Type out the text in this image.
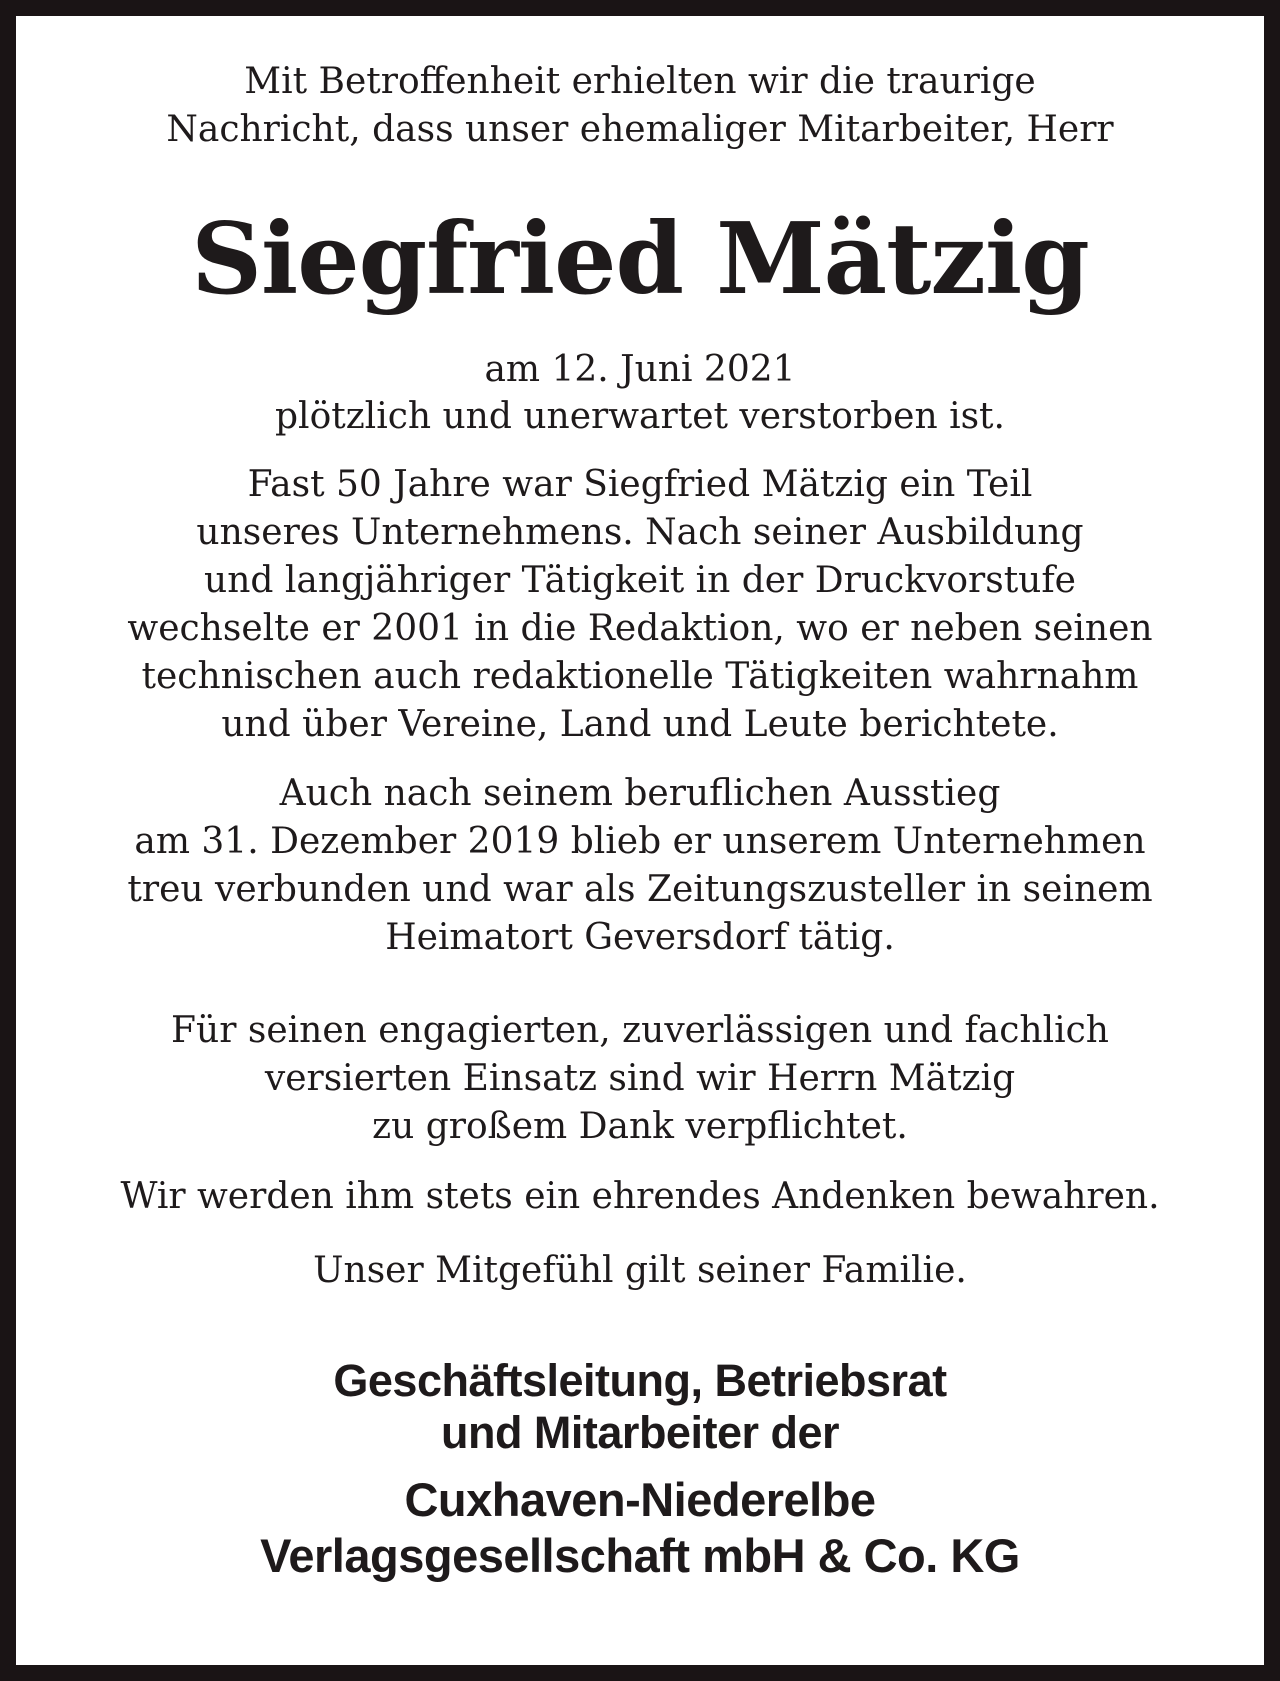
Mit Betroffenheit erhielten wir die traurige
Nachricht, dass unser ehemaliger Mitarbeiter, Herr

Siegfried Mätzig

am 12. Juni 2021
plötzlich und unerwartet verstorben ist.

Fast 50 Jahre war Siegfried Mätzig ein Teil
unseres Unternehmens. Nach seiner Ausbildung
und langjähriger Tätigkeit in der Druckvorstufe
wechselte er 2001 in die Redaktion, wo er neben seinen
technischen auch redaktionelle Tätigkeiten wahrnahm
und über Vereine, Land und Leute berichtete.

Auch nach seinem beruflichen Ausstieg
am 31. Dezember 2019 blieb er unserem Unternehmen
treu verbunden und war als Zeitungszusteller in seinem
Heimatort Geversdorf tätig.

Für seinen engagierten, zuverlässigen und fachlich
versierten Einsatz sind wir Herrn Mätzig
zu großem Dank verpflichtet.

Wir werden ihm stets ein ehrendes Andenken bewahren.

Unser Mitgefühl gilt seiner Familie.

Geschäftsleitung, Betriebsrat
und Mitarbeiter der

Cuxhaven-Niederelbe
Verlagsgesellschaft mbH & Co. KG
